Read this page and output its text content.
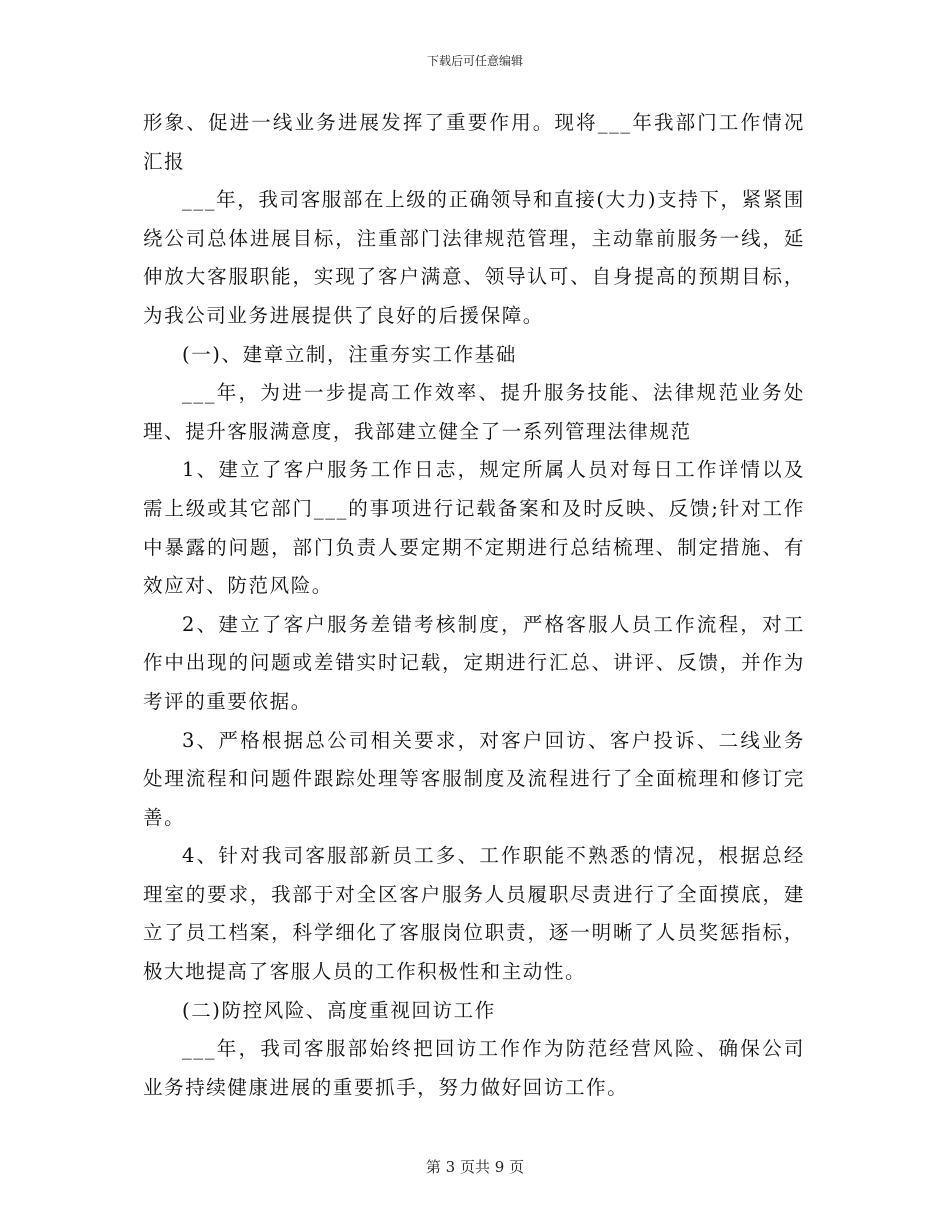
下载后可任意编辑

形象、促进一线业务进展发挥了重要作用。现将___年我部门工作情况汇报

___年，我司客服部在上级的正确领导和直接(大力)支持下，紧紧围绕公司总体进展目标，注重部门法律规范管理，主动靠前服务一线，延伸放大客服职能，实现了客户满意、领导认可、自身提高的预期目标，为我公司业务进展提供了良好的后援保障。

(一)、建章立制，注重夯实工作基础

___年，为进一步提高工作效率、提升服务技能、法律规范业务处理、提升客服满意度，我部建立健全了一系列管理法律规范

1、建立了客户服务工作日志，规定所属人员对每日工作详情以及需上级或其它部门___的事项进行记载备案和及时反映、反馈;针对工作中暴露的问题，部门负责人要定期不定期进行总结梳理、制定措施、有效应对、防范风险。

2、建立了客户服务差错考核制度，严格客服人员工作流程，对工作中出现的问题或差错实时记载，定期进行汇总、讲评、反馈，并作为考评的重要依据。

3、严格根据总公司相关要求，对客户回访、客户投诉、二线业务处理流程和问题件跟踪处理等客服制度及流程进行了全面梳理和修订完善。

4、针对我司客服部新员工多、工作职能不熟悉的情况，根据总经理室的要求，我部于对全区客户服务人员履职尽责进行了全面摸底，建立了员工档案，科学细化了客服岗位职责，逐一明晰了人员奖惩指标，极大地提高了客服人员的工作积极性和主动性。

(二)防控风险、高度重视回访工作

___年，我司客服部始终把回访工作作为防范经营风险、确保公司业务持续健康进展的重要抓手，努力做好回访工作。

第 3 页共 9 页
